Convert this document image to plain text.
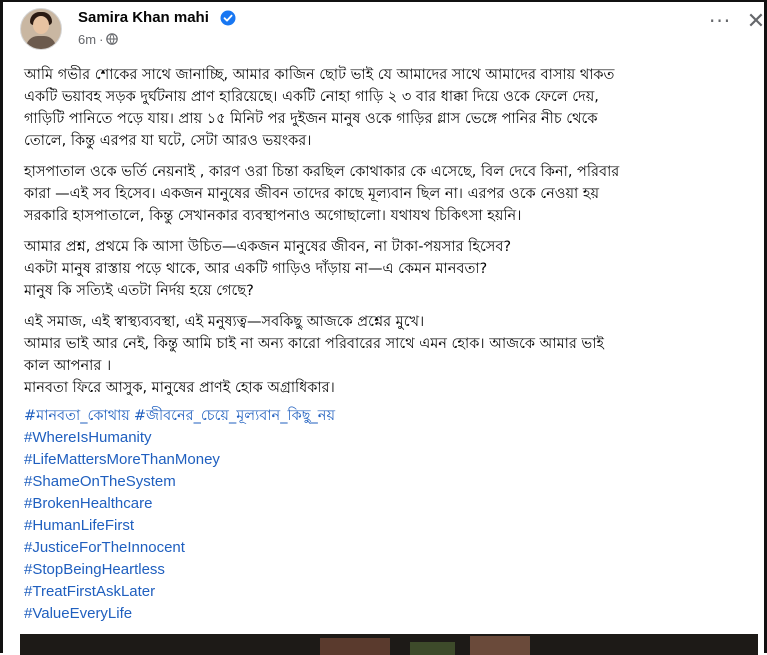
Samira Khan mahi
6m ·
··· ✕
আমি গভীর শোকের সাথে জানাচ্ছি, আমার কাজিন ছোট ভাই যে আমাদের সাথে আমাদের বাসায় থাকত
একটি ভয়াবহ সড়ক দুর্ঘটনায় প্রাণ হারিয়েছে। একটি নোহা গাড়ি ২ ৩ বার ধাক্কা দিয়ে ওকে ফেলে দেয়,
গাড়িটি পানিতে পড়ে যায়। প্রায় ১৫ মিনিট পর দুইজন মানুষ ওকে গাড়ির গ্লাস ভেঙ্গে পানির নীচ থেকে
তোলে, কিন্তু এরপর যা ঘটে, সেটা আরও ভয়ংকর।
হাসপাতাল ওকে ভর্তি নেয়নাই , কারণ ওরা চিন্তা করছিল কোথাকার কে এসেছে, বিল দেবে কিনা, পরিবার
কারা —এই সব হিসেব। একজন মানুষের জীবন তাদের কাছে মূল্যবান ছিল না। এরপর ওকে নেওয়া হয়
সরকারি হাসপাতালে, কিন্তু সেখানকার ব্যবস্থাপনাও অগোছালো। যথাযথ চিকিৎসা হয়নি।
আমার প্রশ্ন, প্রথমে কি আসা উচিত—একজন মানুষের জীবন, না টাকা-পয়সার হিসেব?
একটা মানুষ রাস্তায় পড়ে থাকে, আর একটি গাড়িও দাঁড়ায় না—এ কেমন মানবতা?
মানুষ কি সত্যিই এতটা নির্দয় হয়ে গেছে?
এই সমাজ, এই স্বাস্থ্যব্যবস্থা, এই মনুষ্যত্ব—সবকিছু আজকে প্রশ্নের মুখে।
আমার ভাই আর নেই, কিন্তু আমি চাই না অন্য কারো পরিবারের সাথে এমন হোক। আজকে আমার ভাই
কাল আপনার ।
মানবতা ফিরে আসুক, মানুষের প্রাণই হোক অগ্রাধিকার।
#মানবতা_কোথায় #জীবনের_চেয়ে_মূল্যবান_কিছু_নয়
#WhereIsHumanity
#LifeMattersMoreThanMoney
#ShameOnTheSystem
#BrokenHealthcare
#HumanLifeFirst
#JusticeForTheInnocent
#StopBeingHeartless
#TreatFirstAskLater
#ValueEveryLife
